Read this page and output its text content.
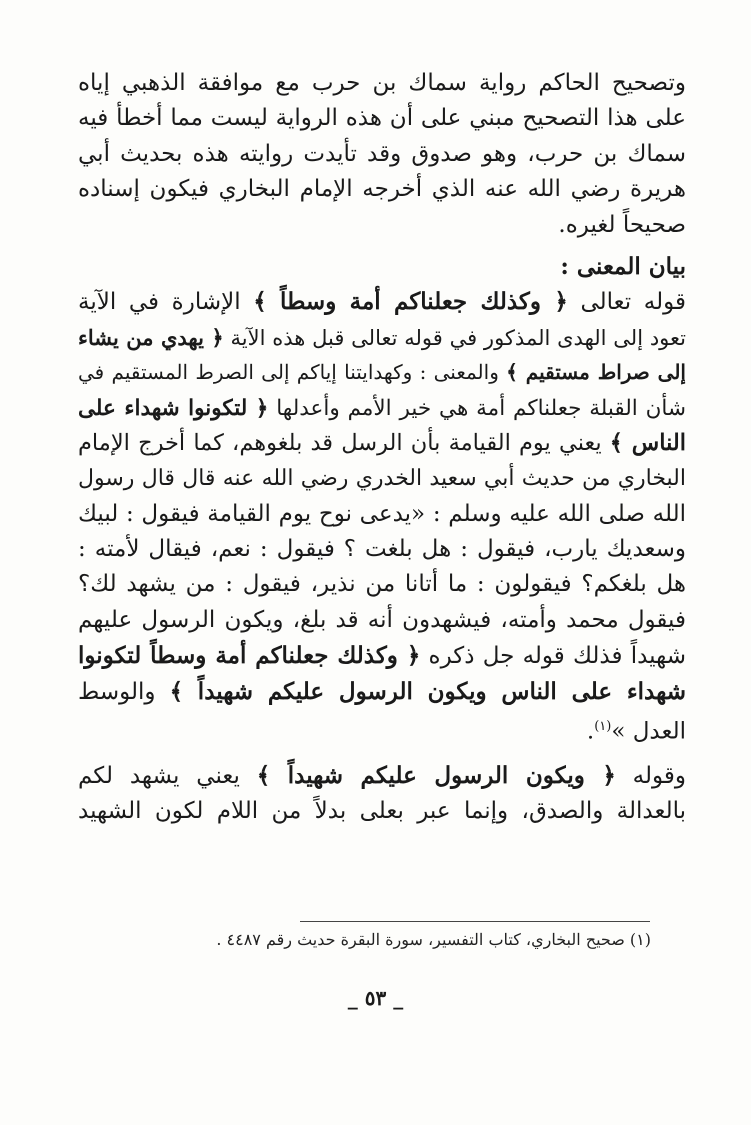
وتصحيح الحاكم رواية سماك بن حرب مع موافقة الذهبي إياه
على هذا التصحيح مبني على أن هذه الرواية ليست مما أخطأ فيه
سماك بن حرب، وهو صدوق وقد تأيدت روايته هذه بحديث أبي
هريرة رضي الله عنه الذي أخرجه الإمام البخاري فيكون إسناده
صحيحاً لغيره.
بيان المعنى :
قوله تعالى ﴿ وكذلك جعلناكم أمة وسطاً ﴾ الإشارة في الآية
تعود إلى الهدى المذكور في قوله تعالى قبل هذه الآية ﴿ يهدي من يشاء
إلى صراط مستقيم ﴾ والمعنى : وكهدايتنا إياكم إلى الصرط المستقيم في
شأن القبلة جعلناكم أمة هي خير الأمم وأعدلها ﴿ لتكونوا شهداء على
الناس ﴾ يعني يوم القيامة بأن الرسل قد بلغوهم، كما أخرج الإمام
البخاري من حديث أبي سعيد الخدري رضي الله عنه قال قال رسول
الله صلى الله عليه وسلم : «يدعى نوح يوم القيامة فيقول : لبيك
وسعديك يارب، فيقول : هل بلغت ؟ فيقول : نعم، فيقال لأمته :
هل بلغكم؟ فيقولون : ما أتانا من نذير، فيقول : من يشهد لك؟
فيقول محمد وأمته، فيشهدون أنه قد بلغ، ويكون الرسول عليهم
شهيداً فذلك قوله جل ذكره ﴿ وكذلك جعلناكم أمة وسطاً لتكونوا
شهداء على الناس ويكون الرسول عليكم شهيداً ﴾ والوسط
العدل »$^{(١)}$.
وقوله ﴿ ويكون الرسول عليكم شهيداً ﴾ يعني يشهد لكم
بالعدالة والصدق، وإنما عبر بعلى بدلاً من اللام لكون الشهيد
(١) صحيح البخاري، كتاب التفسير، سورة البقرة حديث رقم ٤٤٨٧ .
_ ٥٣ _
